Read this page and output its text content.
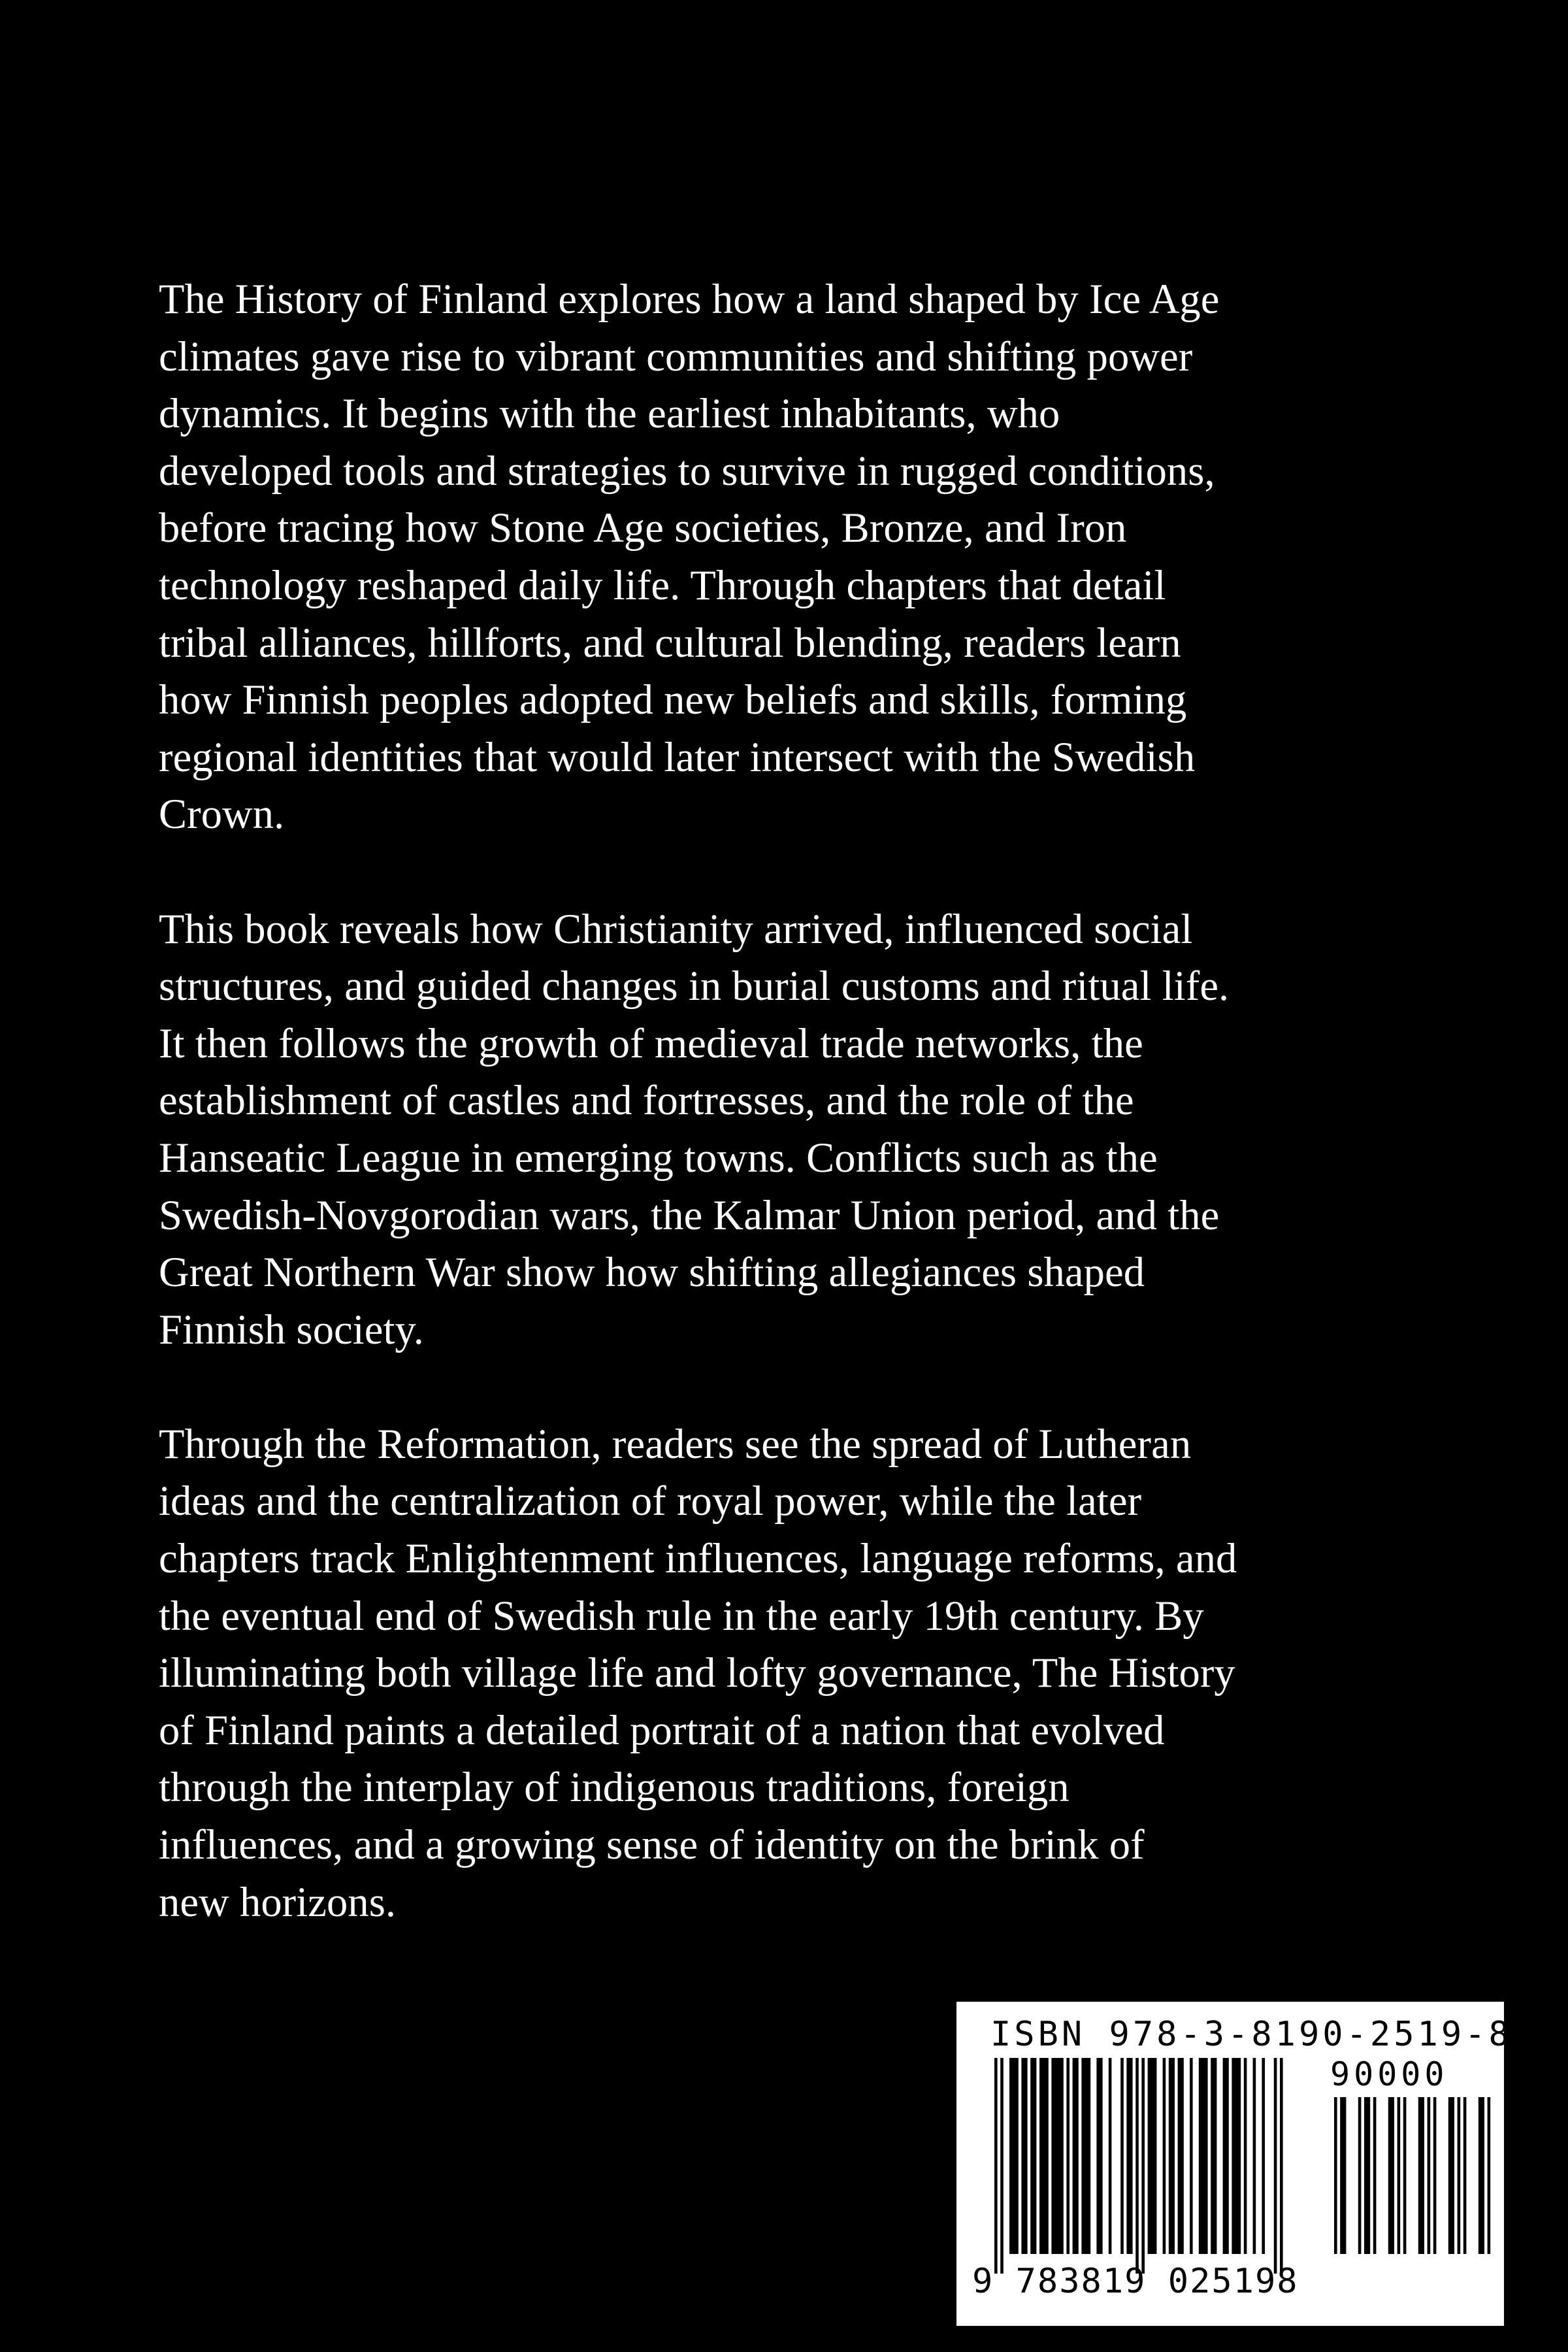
The History of Finland explores how a land shaped by Ice Age
climates gave rise to vibrant communities and shifting power
dynamics. It begins with the earliest inhabitants, who
developed tools and strategies to survive in rugged conditions,
before tracing how Stone Age societies, Bronze, and Iron
technology reshaped daily life. Through chapters that detail
tribal alliances, hillforts, and cultural blending, readers learn
how Finnish peoples adopted new beliefs and skills, forming
regional identities that would later intersect with the Swedish
Crown.

This book reveals how Christianity arrived, influenced social
structures, and guided changes in burial customs and ritual life.
It then follows the growth of medieval trade networks, the
establishment of castles and fortresses, and the role of the
Hanseatic League in emerging towns. Conflicts such as the
Swedish-Novgorodian wars, the Kalmar Union period, and the
Great Northern War show how shifting allegiances shaped
Finnish society.

Through the Reformation, readers see the spread of Lutheran
ideas and the centralization of royal power, while the later
chapters track Enlightenment influences, language reforms, and
the eventual end of Swedish rule in the early 19th century. By
illuminating both village life and lofty governance, The History
of Finland paints a detailed portrait of a nation that evolved
through the interplay of indigenous traditions, foreign
influences, and a growing sense of identity on the brink of
new horizons.

ISBN 978-3-8190-2519-8
90000
9 783819 025198
